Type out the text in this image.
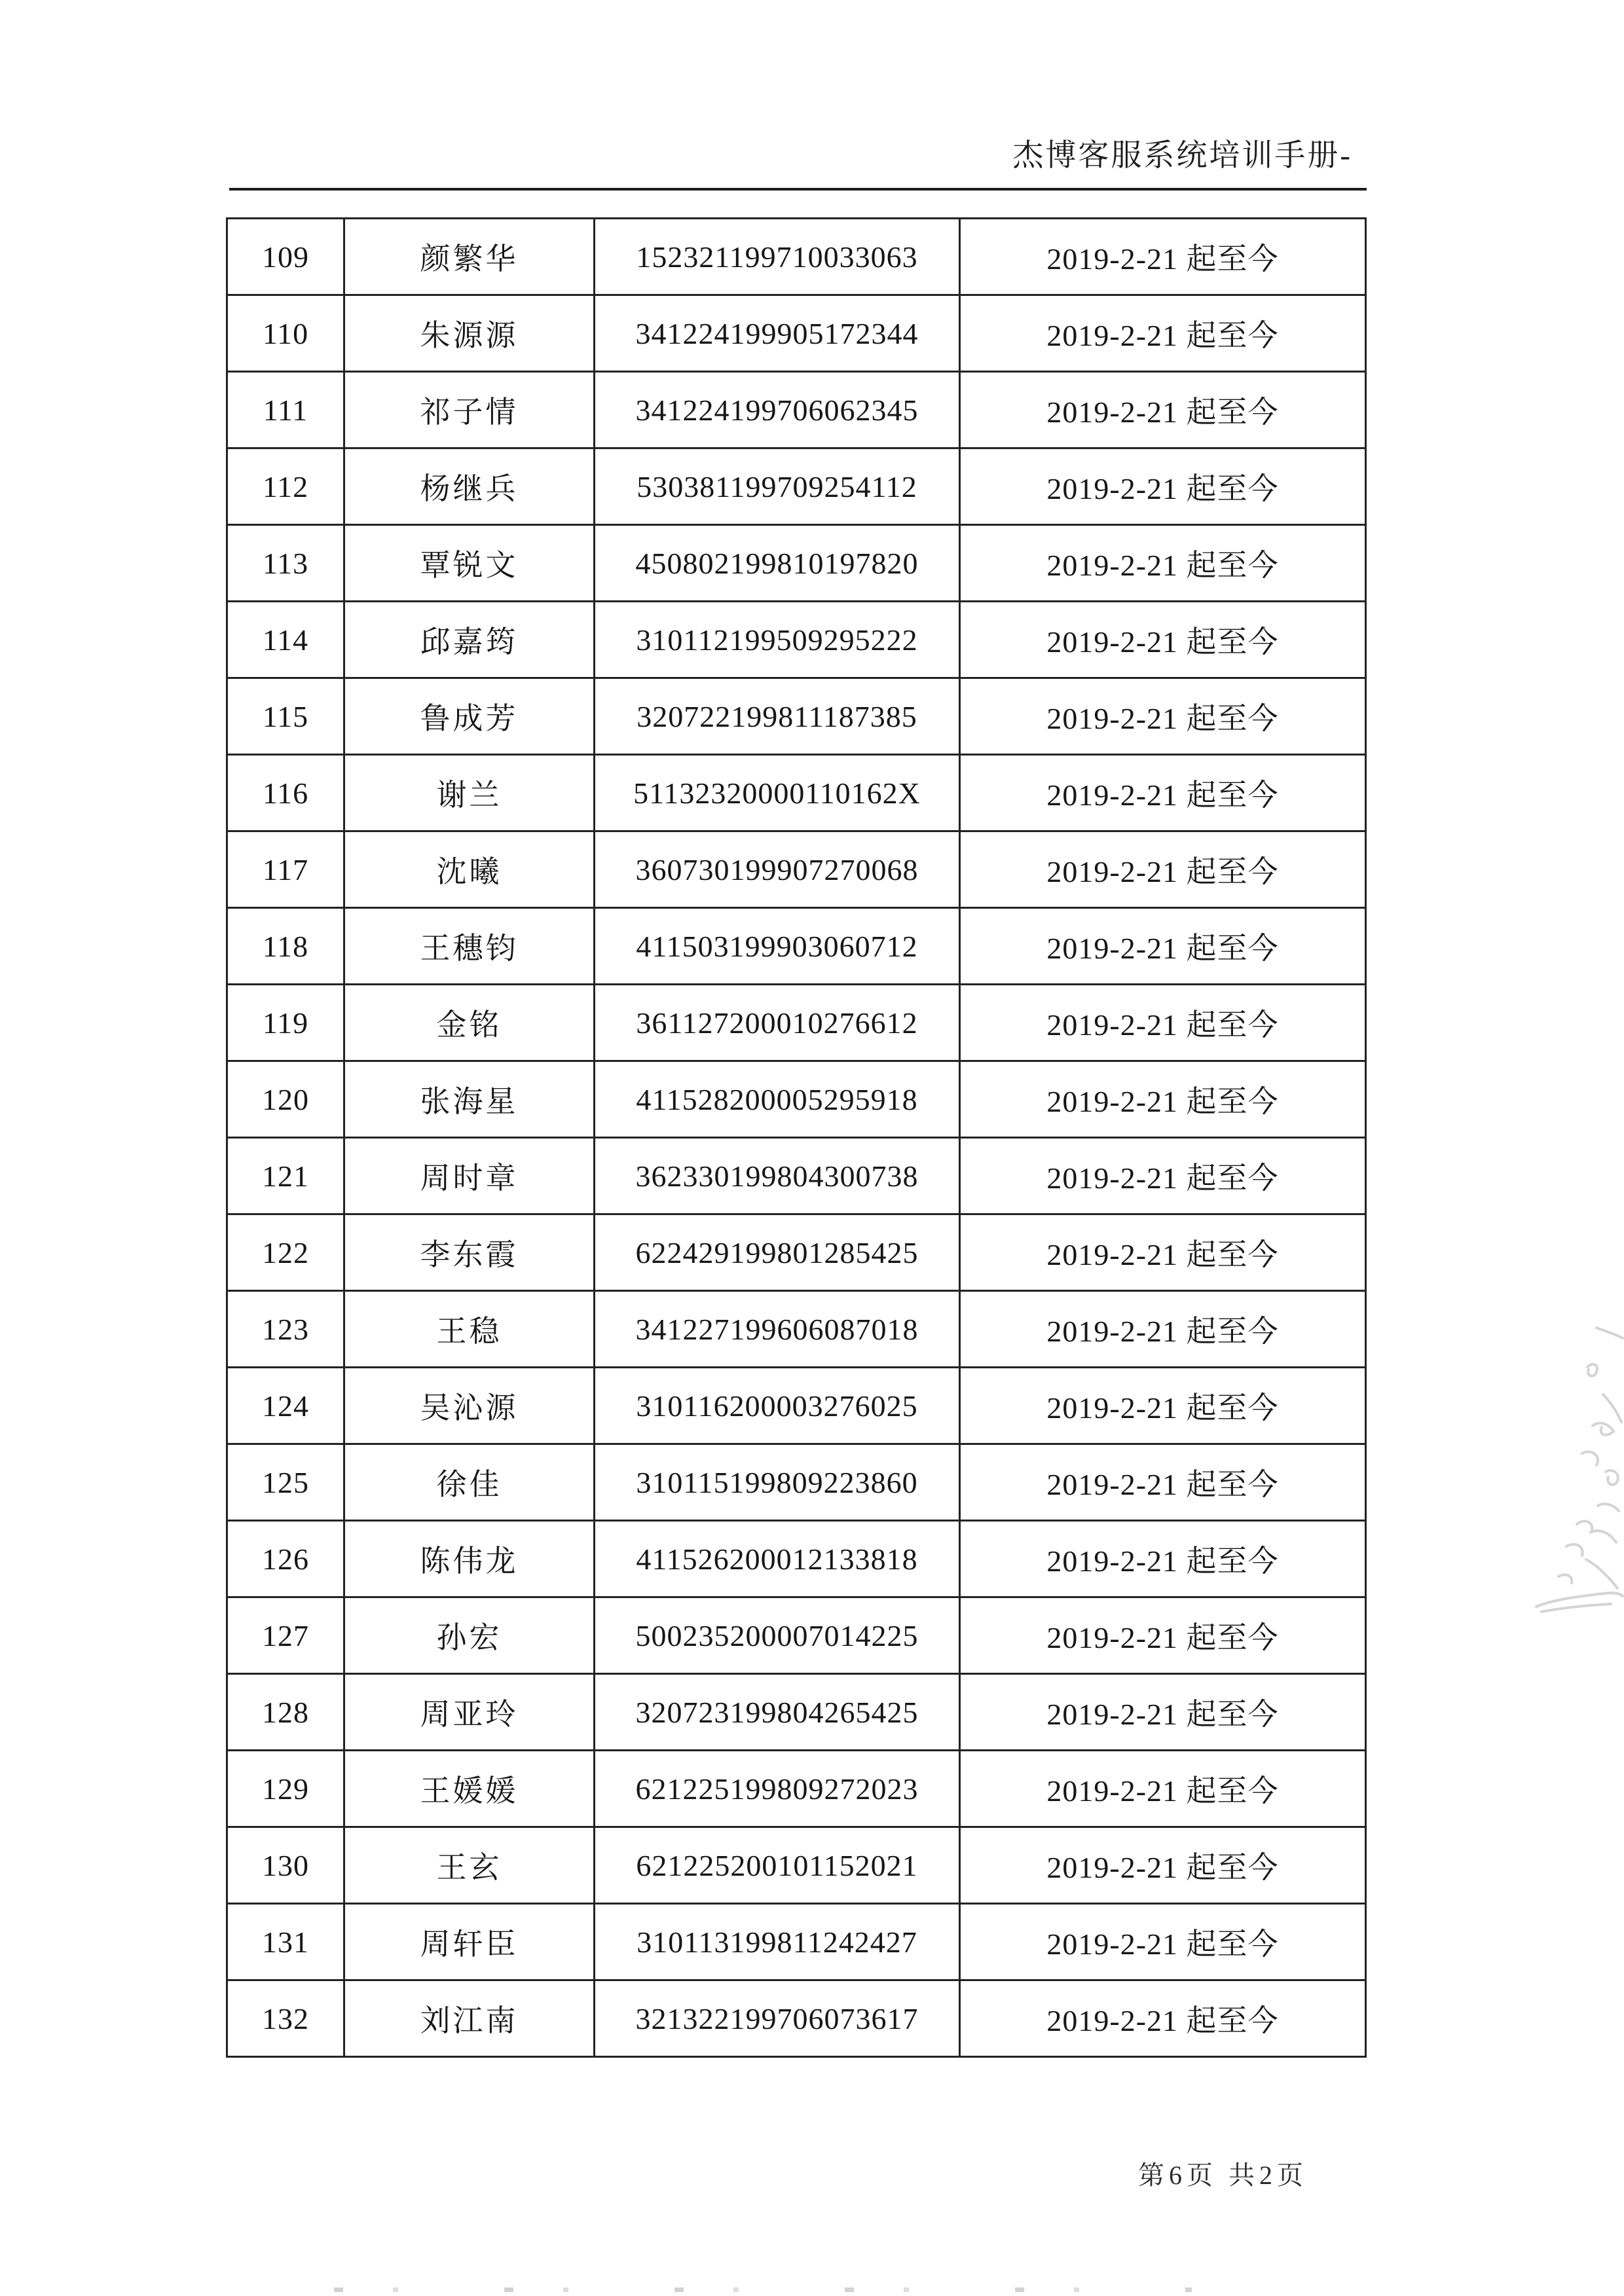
杰博客服系统培训手册-
109	颜繁华	152321199710033063	2019-2-21 起至今
110	朱源源	341224199905172344	2019-2-21 起至今
111	祁子情	341224199706062345	2019-2-21 起至今
112	杨继兵	530381199709254112	2019-2-21 起至今
113	覃锐文	450802199810197820	2019-2-21 起至今
114	邱嘉筠	310112199509295222	2019-2-21 起至今
115	鲁成芳	320722199811187385	2019-2-21 起至今
116	谢兰	51132320000110162X	2019-2-21 起至今
117	沈曦	360730199907270068	2019-2-21 起至今
118	王穗钧	411503199903060712	2019-2-21 起至今
119	金铭	361127200010276612	2019-2-21 起至今
120	张海星	411528200005295918	2019-2-21 起至今
121	周时章	362330199804300738	2019-2-21 起至今
122	李东霞	622429199801285425	2019-2-21 起至今
123	王稳	341227199606087018	2019-2-21 起至今
124	吴沁源	310116200003276025	2019-2-21 起至今
125	徐佳	310115199809223860	2019-2-21 起至今
126	陈伟龙	411526200012133818	2019-2-21 起至今
127	孙宏	500235200007014225	2019-2-21 起至今
128	周亚玲	320723199804265425	2019-2-21 起至今
129	王媛媛	621225199809272023	2019-2-21 起至今
130	王玄	621225200101152021	2019-2-21 起至今
131	周轩臣	310113199811242427	2019-2-21 起至今
132	刘江南	321322199706073617	2019-2-21 起至今
第6页 共2页
